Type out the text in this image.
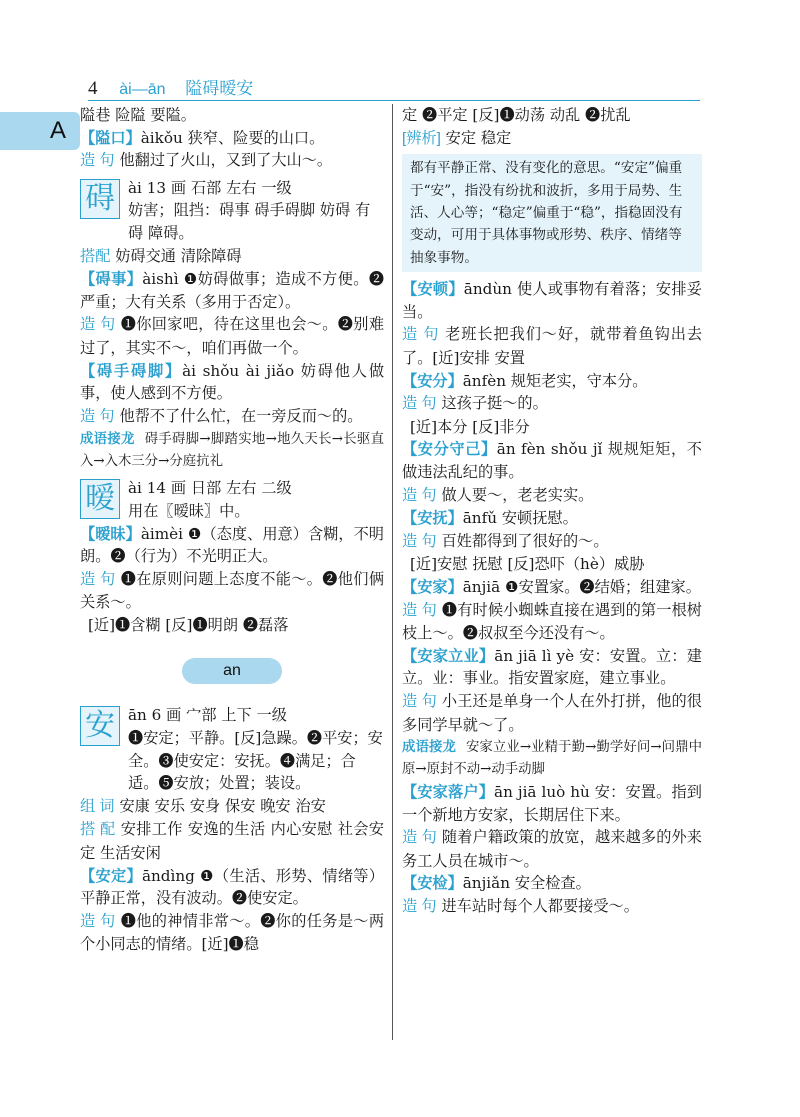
4 ài—ān 隘碍暧安
A

隘巷 险隘 要隘。

【隘口】àikǒu 狭窄、险要的山口。

造 句 他翻过了火山，又到了大山～。

碍 ài 13 画 石部 左右 一级
妨害；阻挡：碍事 碍手碍脚 妨碍 有碍 障碍。

搭配 妨碍交通 清除障碍

【碍事】àishì ❶妨碍做事；造成不方便。❷严重；大有关系（多用于否定）。

造 句 ❶你回家吧，待在这里也会～。❷别难过了，其实不～，咱们再做一个。

【碍手碍脚】ài shǒu ài jiǎo 妨碍他人做事，使人感到不方便。

造 句 他帮不了什么忙，在一旁反而～的。

成语接龙 碍手碍脚→脚踏实地→地久天长→长驱直入→入木三分→分庭抗礼

暧 ài 14 画 日部 左右 二级
用在〖暧昧〗中。

【暧昧】àimèi ❶（态度、用意）含糊，不明朗。❷（行为）不光明正大。

造 句 ❶在原则问题上态度不能～。❷他们俩关系～。

[近]❶含糊 [反]❶明朗 ❷磊落

an
安 ān 6 画 宀部 上下 一级
❶安定；平静。[反]急躁。❷平安；安全。❸使安定：安抚。❹满足；合适。❺安放；处置；装设。

组 词 安康 安乐 安身 保安 晚安 治安

搭 配 安排工作 安逸的生活 内心安慰 社会安定 生活安闲

【安定】āndìng ❶（生活、形势、情绪等）平静正常，没有波动。❷使安定。

造 句 ❶他的神情非常～。❷你的任务是～两个小同志的情绪。[近]❶稳

定 ❷平定 [反]❶动荡 动乱 ❷扰乱

[辨析] 安定 稳定

都有平静正常、没有变化的意思。“安定”偏重于“安”，指没有纷扰和波折，多用于局势、生活、人心等；“稳定”偏重于“稳”，指稳固没有变动，可用于具体事物或形势、秩序、情绪等抽象事物。

【安顿】āndùn 使人或事物有着落；安排妥当。

造 句 老班长把我们～好，就带着鱼钩出去了。[近]安排 安置

【安分】ānfèn 规矩老实，守本分。

造 句 这孩子挺～的。

[近]本分 [反]非分

【安分守己】ān fèn shǒu jǐ 规规矩矩，不做违法乱纪的事。

造 句 做人要～，老老实实。

【安抚】ānfǔ 安顿抚慰。

造 句 百姓都得到了很好的～。

[近]安慰 抚慰 [反]恐吓（hè）威胁

【安家】ānjiā ❶安置家。❷结婚；组建家。

造 句 ❶有时候小蜘蛛直接在遇到的第一根树枝上～。❷叔叔至今还没有～。

【安家立业】ān jiā lì yè 安：安置。立：建立。业：事业。指安置家庭，建立事业。

造 句 小王还是单身一个人在外打拼，他的很多同学早就～了。

成语接龙 安家立业→业精于勤→勤学好问→问鼎中原→原封不动→动手动脚

【安家落户】ān jiā luò hù 安：安置。指到一个新地方安家，长期居住下来。

造 句 随着户籍政策的放宽，越来越多的外来务工人员在城市～。

【安检】ānjiǎn 安全检查。

造 句 进车站时每个人都要接受～。
